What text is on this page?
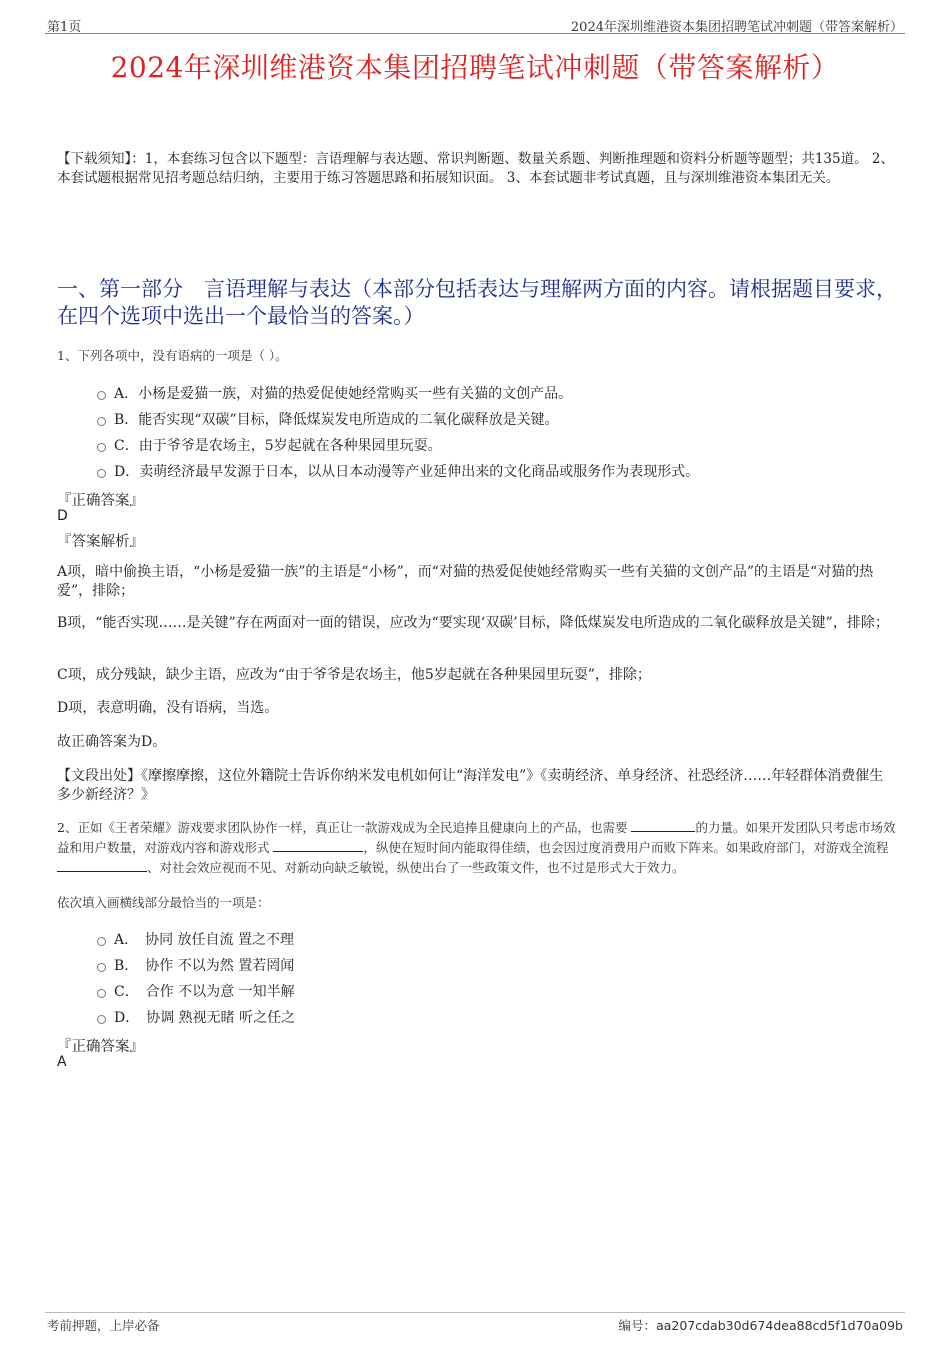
第1页	2024年深圳维港资本集团招聘笔试冲刺题（带答案解析）
2024年深圳维港资本集团招聘笔试冲刺题（带答案解析）
【下载须知】：1，本套练习包含以下题型：言语理解与表达题、常识判断题、数量关系题、判断推理题和资料分析题等题型；共135道。 2、本套试题根据常见招考题总结归纳，主要用于练习答题思路和拓展知识面。 3、本套试题非考试真题，且与深圳维港资本集团无关。
一、第一部分　言语理解与表达（本部分包括表达与理解两方面的内容。请根据题目要求，在四个选项中选出一个最恰当的答案。）
1、下列各项中，没有语病的一项是（ ）。
A．小杨是爱猫一族，对猫的热爱促使她经常购买一些有关猫的文创产品。
B．能否实现“双碳”目标，降低煤炭发电所造成的二氧化碳释放是关键。
C．由于爷爷是农场主，5岁起就在各种果园里玩耍。
D．卖萌经济最早发源于日本，以从日本动漫等产业延伸出来的文化商品或服务作为表现形式。
『正确答案』
D
『答案解析』
A项，暗中偷换主语，“小杨是爱猫一族”的主语是“小杨”，而“对猫的热爱促使她经常购买一些有关猫的文创产品”的主语是“对猫的热爱”，排除；
B项，“能否实现……是关键”存在两面对一面的错误，应改为“要实现‘双碳’目标，降低煤炭发电所造成的二氧化碳释放是关键”，排除；
C项，成分残缺，缺少主语，应改为“由于爷爷是农场主，他5岁起就在各种果园里玩耍”，排除；
D项，表意明确，没有语病，当选。
故正确答案为D。
【文段出处】《摩擦摩擦，这位外籍院士告诉你纳米发电机如何让“海洋发电”》《卖萌经济、单身经济、社恐经济……年轻群体消费催生多少新经济？》
2、正如《王者荣耀》游戏要求团队协作一样，真正让一款游戏成为全民追捧且健康向上的产品，也需要	的力量。如果开发团队只考虑市场效益和用户数量，对游戏内容和游戏形式	，纵使在短时间内能取得佳绩，也会因过度消费用户而败下阵来。如果政府部门，对游戏全流程 、对社会效应视而不见、对新动向缺乏敏锐，纵使出台了一些政策文件，也不过是形式大于效力。
依次填入画横线部分最恰当的一项是：
A．　协同 放任自流 置之不理
B．　协作 不以为然 置若罔闻
C．　合作 不以为意 一知半解
D．　协调 熟视无睹 听之任之
『正确答案』
A
考前押题，上岸必备	编号：aa207cdab30d674dea88cd5f1d70a09b
